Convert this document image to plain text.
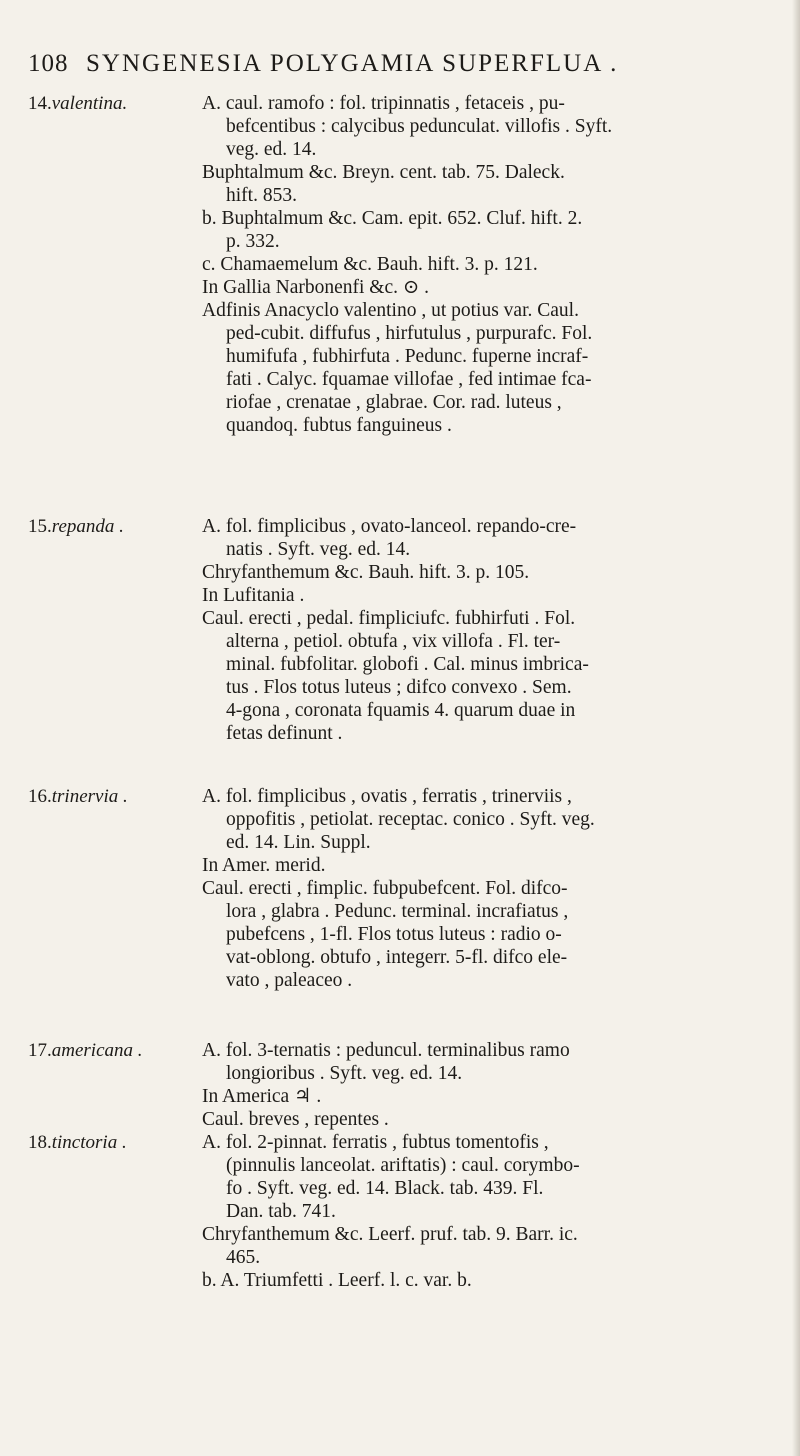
108 SYNGENESIA POLYGAMIA SUPERFLUA .
14.valentina.	A. caul. ramofo : fol. tripinnatis , fetaceis , pu-
befcentibus : calycibus pedunculat. villofis . Syft.
veg. ed. 14.
Buphtalmum &c. Breyn. cent. tab. 75. Daleck.
hift. 853.
b. Buphtalmum &c. Cam. epit. 652. Cluf. hift. 2.
p. 332.
c. Chamaemelum &c. Bauh. hift. 3. p. 121.
In Gallia Narbonenfi &c. ⊙ .
Adfinis Anacyclo valentino , ut potius var. Caul.
ped-cubit. diffufus , hirfutulus , purpurafc. Fol.
humifufa , fubhirfuta . Pedunc. fuperne incraf-
fati . Calyc. fquamae villofae , fed intimae fca-
riofae , crenatae , glabrae. Cor. rad. luteus ,
quandoq. fubtus fanguineus .
15.repanda .	A. fol. fimplicibus , ovato-lanceol. repando-cre-
natis . Syft. veg. ed. 14.
Chryfanthemum &c. Bauh. hift. 3. p. 105.
In Lufitania .
Caul. erecti , pedal. fimpliciufc. fubhirfuti . Fol.
alterna , petiol. obtufa , vix villofa . Fl. ter-
minal. fubfolitar. globofi . Cal. minus imbrica-
tus . Flos totus luteus ; difco convexo . Sem.
4-gona , coronata fquamis 4. quarum duae in
fetas definunt .
16.trinervia .	A. fol. fimplicibus , ovatis , ferratis , trinerviis ,
oppofitis , petiolat. receptac. conico . Syft. veg.
ed. 14. Lin. Suppl.
In Amer. merid.
Caul. erecti , fimplic. fubpubefcent. Fol. difco-
lora , glabra . Pedunc. terminal. incrafiatus ,
pubefcens , 1-fl. Flos totus luteus : radio o-
vat-oblong. obtufo , integerr. 5-fl. difco ele-
vato , paleaceo .
17.americana .	A. fol. 3-ternatis : peduncul. terminalibus ramo
longioribus . Syft. veg. ed. 14.
In America ♃ .
Caul. breves , repentes .
18.tinctoria .	A. fol. 2-pinnat. ferratis , fubtus tomentofis ,
(pinnulis lanceolat. ariftatis) : caul. corymbo-
fo . Syft. veg. ed. 14. Black. tab. 439. Fl.
Dan. tab. 741.
Chryfanthemum &c. Leerf. pruf. tab. 9. Barr. ic.
465.
b. A. Triumfetti . Leerf. l. c. var. b.
